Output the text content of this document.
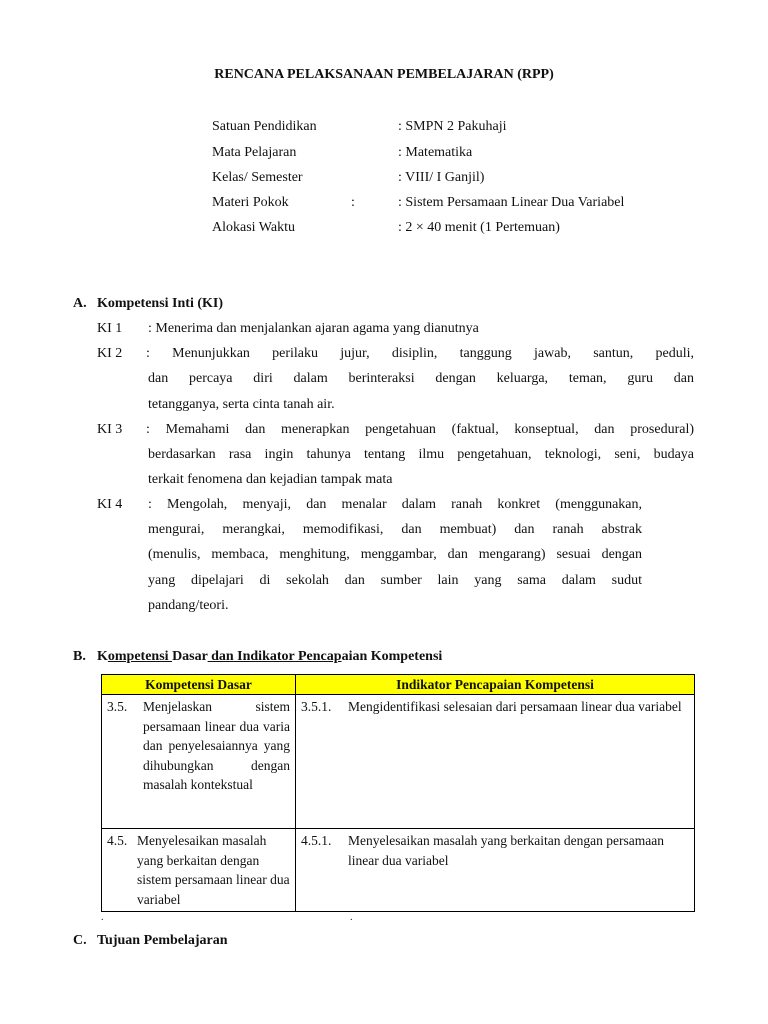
RENCANA PELAKSANAAN PEMBELAJARAN (RPP)
Satuan Pendidikan	: SMPN 2 Pakuhaji
Mata Pelajaran	: Matematika
Kelas/ Semester	: VIII/ I Ganjil)
Materi Pokok	:	: Sistem Persamaan Linear Dua Variabel
Alokasi Waktu	: 2 × 40 menit (1 Pertemuan)
A. Kompetensi Inti (KI)
KI 1 : Menerima dan menjalankan ajaran agama yang dianutnya
KI 2 : Menunjukkan perilaku jujur, disiplin, tanggung jawab, santun, peduli,
dan percaya diri dalam berinteraksi dengan keluarga, teman, guru dan
tetangganya, serta cinta tanah air.
KI 3 : Memahami dan menerapkan pengetahuan (faktual, konseptual, dan prosedural)
berdasarkan rasa ingin tahunya tentang ilmu pengetahuan, teknologi, seni, budaya
terkait fenomena dan kejadian tampak mata
KI 4 : Mengolah, menyaji, dan menalar dalam ranah konkret (menggunakan,
mengurai, merangkai, memodifikasi, dan membuat) dan ranah abstrak
(menulis, membaca, menghitung, menggambar, dan mengarang) sesuai dengan
yang dipelajari di sekolah dan sumber lain yang sama dalam sudut
pandang/teori.
B. Kompetensi Dasar dan Indikator Pencapaian Kompetensi
Kompetensi Dasar	Indikator Pencapaian Kompetensi

3.5. Menjelaskan sistem persamaan linear dua varia dan penyelesaiannya yang dihubungkan dengan masalah kontekstual	3.5.1. Mengidentifikasi selesaian dari persamaan linear dua variabel

4.5. Menyelesaikan masalah yang berkaitan dengan sistem persamaan linear dua variabel	4.5.1. Menyelesaikan masalah yang berkaitan dengan persamaan linear dua variabel
.	.
C. Tujuan Pembelajaran
